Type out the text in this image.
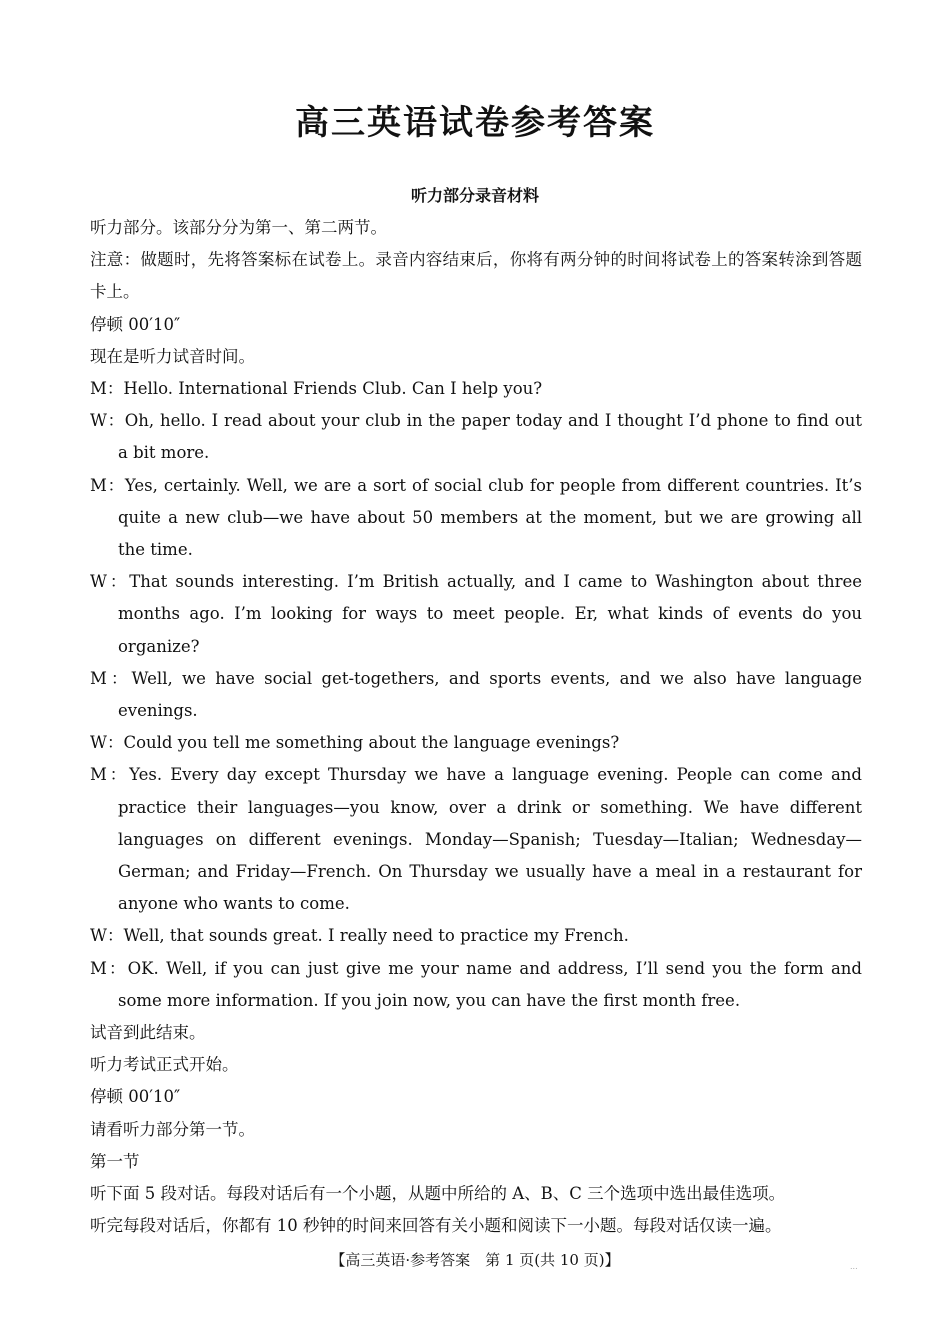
高三英语试卷参考答案
听力部分录音材料

听力部分。该部分分为第一、第二两节。

注意：做题时，先将答案标在试卷上。录音内容结束后，你将有两分钟的时间将试卷上的答案转涂到答题卡上。

停顿 00′10″

现在是听力试音时间。

M：Hello. International Friends Club. Can I help you?

W：Oh, hello. I read about your club in the paper today and I thought I’d phone to find out a bit more.

M：Yes, certainly. Well, we are a sort of social club for people from different countries. It’s quite a new club—we have about 50 members at the moment, but we are growing all the time.

W：That sounds interesting. I’m British actually, and I came to Washington about three months ago. I’m looking for ways to meet people. Er, what kinds of events do you organize?

M：Well, we have social get-togethers, and sports events, and we also have language evenings.

W：Could you tell me something about the language evenings?

M：Yes. Every day except Thursday we have a language evening. People can come and practice their languages—you know, over a drink or something. We have different languages on different evenings. Monday—Spanish; Tuesday—Italian; Wednesday—German; and Friday—French. On Thursday we usually have a meal in a restaurant for anyone who wants to come.

W：Well, that sounds great. I really need to practice my French.

M：OK. Well, if you can just give me your name and address, I’ll send you the form and some more information. If you join now, you can have the first month free.

试音到此结束。

听力考试正式开始。

停顿 00′10″

请看听力部分第一节。

第一节

听下面 5 段对话。每段对话后有一个小题，从题中所给的 A、B、C 三个选项中选出最佳选项。

听完每段对话后，你都有 10 秒钟的时间来回答有关小题和阅读下一小题。每段对话仅读一遍。

【高三英语·参考答案　第 1 页(共 10 页)】	...
